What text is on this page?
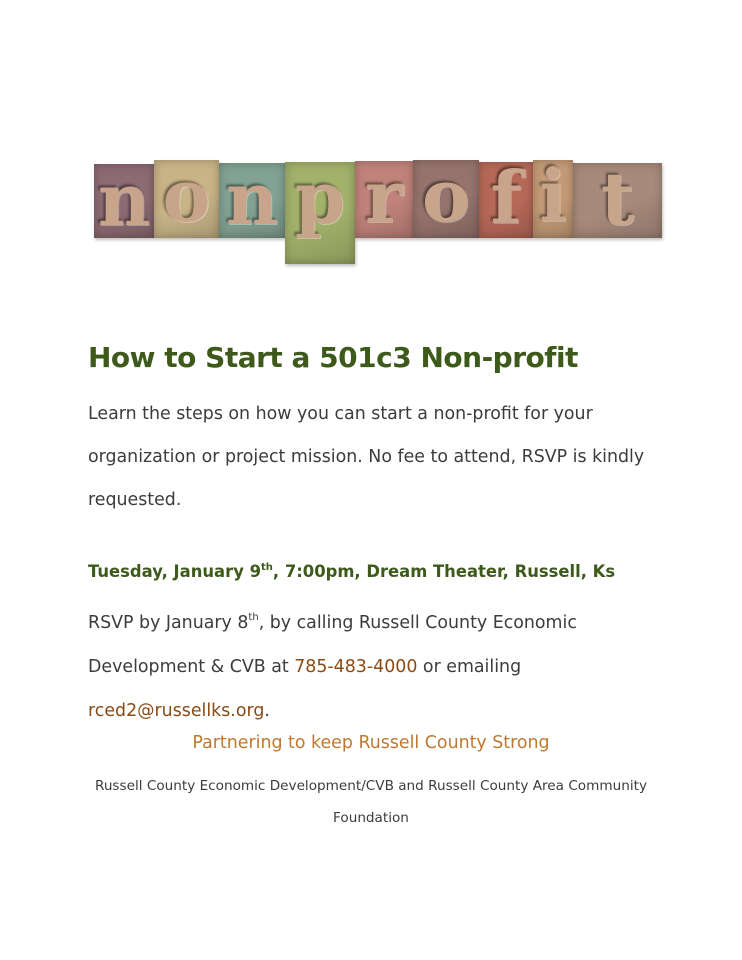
n o n p r o f i t
How to Start a 501c3 Non-profit
Learn the steps on how you can start a non-profit for your organization or project mission. No fee to attend, RSVP is kindly requested.
Tuesday, January 9th, 7:00pm, Dream Theater, Russell, Ks
RSVP by January 8th, by calling Russell County Economic Development & CVB at 785-483-4000 or emailing rced2@russellks.org.
Partnering to keep Russell County Strong
Russell County Economic Development/CVB and Russell County Area Community Foundation
